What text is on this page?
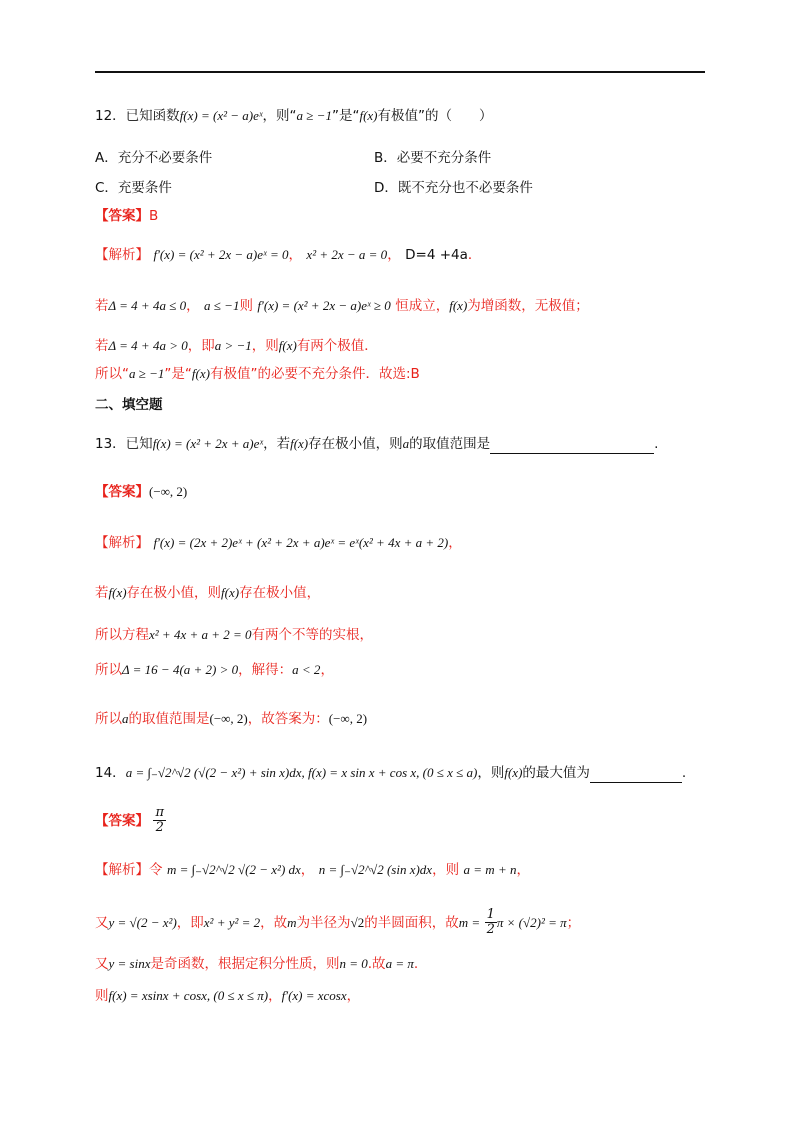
12．已知函数f(x) = (x² − a)eˣ，则“a ≥ −1”是“f(x)有极值”的（　　）
A．充分不必要条件	B．必要不充分条件
C．充要条件	D．既不充分也不必要条件
【答案】B
【解析】 f′(x) = (x² + 2x − a)eˣ = 0， x² + 2x − a = 0， D=4 +4a．
若Δ = 4 + 4a ≤ 0， a ≤ −1则 f′(x) = (x² + 2x − a)eˣ ≥ 0 恒成立，f(x)为增函数，无极值；
若Δ = 4 + 4a > 0，即a > −1，则f(x)有两个极值．
所以“a ≥ −1”是“f(x)有极值”的必要不充分条件．故选:B
二、填空题
13．已知f(x) = (x² + 2x + a)eˣ，若f(x)存在极小值，则a的取值范围是	.
【答案】(−∞, 2)
【解析】 f′(x) = (2x + 2)eˣ + (x² + 2x + a)eˣ = eˣ(x² + 4x + a + 2)，
若f(x)存在极小值，则f(x)存在极小值，
所以方程x² + 4x + a + 2 = 0有两个不等的实根，
所以Δ = 16 − 4(a + 2) > 0，解得：a < 2，
所以a的取值范围是(−∞, 2)，故答案为：(−∞, 2)
14．a = ∫₋√2^√2 (√(2 − x²) + sin x)dx, f(x) = x sin x + cos x, (0 ≤ x ≤ a)，则f(x)的最大值为	.
【答案】 $\frac{\pi}{2}$
【解析】令 m = ∫₋√2^√2 √(2 − x²) dx， n = ∫₋√2^√2 (sin x)dx，则 a = m + n，
又y = √(2 − x²)，即x² + y² = 2，故m为半径为√2的半圆面积，故$m = \frac{1}{2}$ π × (√2)² = π；
又y = sinx是奇函数，根据定积分性质，则n = 0.故a = π.
则f(x) = xsinx + cosx, (0 ≤ x ≤ π)，f′(x) = xcosx，
